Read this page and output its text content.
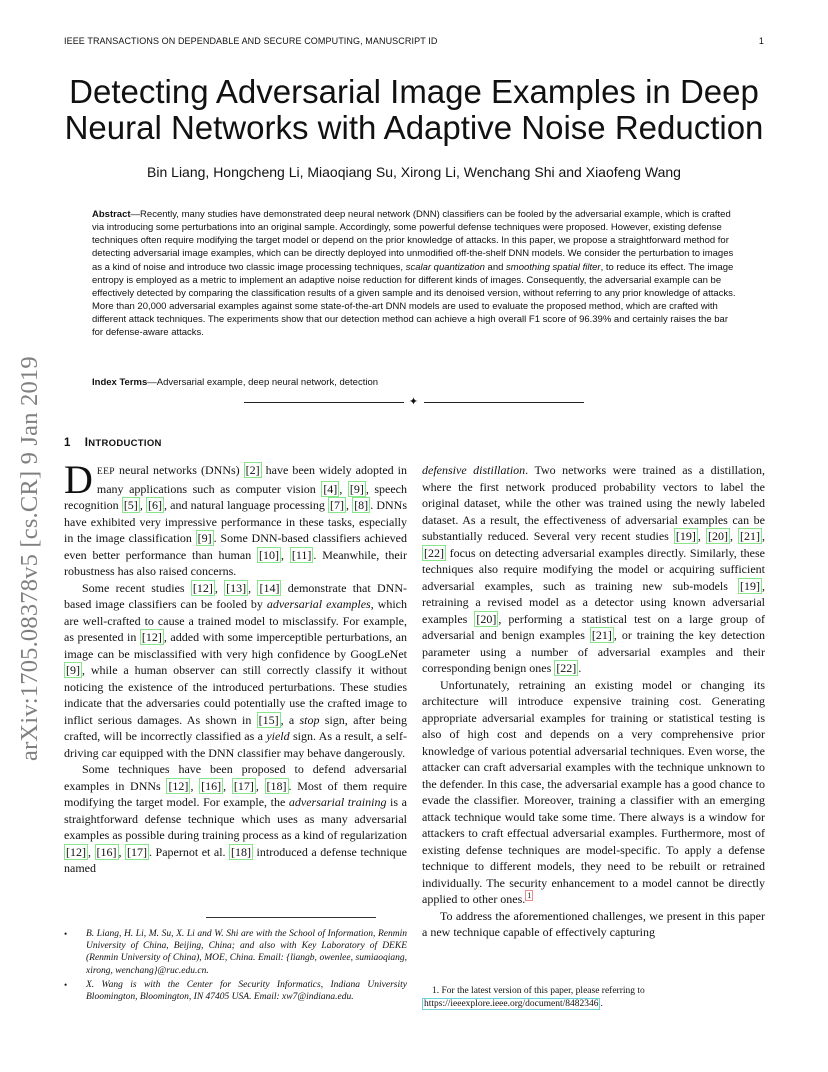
IEEE TRANSACTIONS ON DEPENDABLE AND SECURE COMPUTING, MANUSCRIPT ID	1
Detecting Adversarial Image Examples in Deep Neural Networks with Adaptive Noise Reduction
Bin Liang, Hongcheng Li, Miaoqiang Su, Xirong Li, Wenchang Shi and Xiaofeng Wang

Abstract—Recently, many studies have demonstrated deep neural network (DNN) classifiers can be fooled by the adversarial example, which is crafted via introducing some perturbations into an original sample. Accordingly, some powerful defense techniques were proposed. However, existing defense techniques often require modifying the target model or depend on the prior knowledge of attacks. In this paper, we propose a straightforward method for detecting adversarial image examples, which can be directly deployed into unmodified off-the-shelf DNN models. We consider the perturbation to images as a kind of noise and introduce two classic image processing techniques, scalar quantization and smoothing spatial filter, to reduce its effect. The image entropy is employed as a metric to implement an adaptive noise reduction for different kinds of images. Consequently, the adversarial example can be effectively detected by comparing the classification results of a given sample and its denoised version, without referring to any prior knowledge of attacks. More than 20,000 adversarial examples against some state-of-the-art DNN models are used to evaluate the proposed method, which are crafted with different attack techniques. The experiments show that our detection method can achieve a high overall F1 score of 96.39% and certainly raises the bar for defense-aware attacks.

Index Terms—Adversarial example, deep neural network, detection

✦
1 INTRODUCTION

DEEP neural networks (DNNs) [2] have been widely adopted in many applications such as computer vision [4] , [9] , speech recognition [5] , [6] , and natural language processing [7] , [8] . DNNs have exhibited very impressive performance in these tasks, especially in the image classification [9] . Some DNN-based classifiers achieved even better performance than human [10] , [11] . Meanwhile, their robustness has also raised concerns.

Some recent studies [12] , [13] , [14] demonstrate that DNN-based image classifiers can be fooled by adversarial examples, which are well-crafted to cause a trained model to misclassify. For example, as presented in [12] , added with some imperceptible perturbations, an image can be misclassified with very high confidence by GoogLeNet [9] , while a human observer can still correctly classify it without noticing the existence of the introduced perturbations. These studies indicate that the adversaries could potentially use the crafted image to inflict serious damages. As shown in [15] , a stop sign, after being crafted, will be incorrectly classified as a yield sign. As a result, a self-driving car equipped with the DNN classifier may behave dangerously.

Some techniques have been proposed to defend adversarial examples in DNNs [12] , [16] , [17] , [18] . Most of them require modifying the target model. For example, the adversarial training is a straightforward defense technique which uses as many adversarial examples as possible during training process as a kind of regularization [12] , [16] , [17] . Papernot et al. [18] introduced a defense technique named

defensive distillation. Two networks were trained as a distillation, where the first network produced probability vectors to label the original dataset, while the other was trained using the newly labeled dataset. As a result, the effectiveness of adversarial examples can be substantially reduced. Several very recent studies [19] , [20] , [21] , [22] focus on detecting adversarial examples directly. Similarly, these techniques also require modifying the model or acquiring sufficient adversarial examples, such as training new sub-models [19] , retraining a revised model as a detector using known adversarial examples [20] , performing a statistical test on a large group of adversarial and benign examples [21] , or training the key detection parameter using a number of adversarial examples and their corresponding benign ones [22] .

Unfortunately, retraining an existing model or changing its architecture will introduce expensive training cost. Generating appropriate adversarial examples for training or statistical testing is also of high cost and depends on a very comprehensive prior knowledge of various potential adversarial techniques. Even worse, the attacker can craft adversarial examples with the technique unknown to the defender. In this case, the adversarial example has a good chance to evade the classifier. Moreover, training a classifier with an emerging attack technique would take some time. There always is a window for attackers to craft effectual adversarial examples. Furthermore, most of existing defense techniques are model-specific. To apply a defense technique to different models, they need to be rebuilt or retrained individually. The security enhancement to a model cannot be directly applied to other ones. $^1$

To address the aforementioned challenges, we present in this paper a new technique capable of effectively capturing

• B. Liang, H. Li, M. Su, X. Li and W. Shi are with the School of Information, Renmin University of China, Beijing, China; and also with Key Laboratory of DEKE (Renmin University of China), MOE, China. Email: {liangb, owenlee, sumiaoqiang, xirong, wenchang}@ruc.edu.cn.
• X. Wang is with the Center for Security Informatics, Indiana University Bloomington, Bloomington, IN 47405 USA. Email: xw7@indiana.edu.
1. For the latest version of this paper, please referring to https://ieeexplore.ieee.org/document/8482346 .
arXiv:1705.08378v5 [cs.CR] 9 Jan 2019
